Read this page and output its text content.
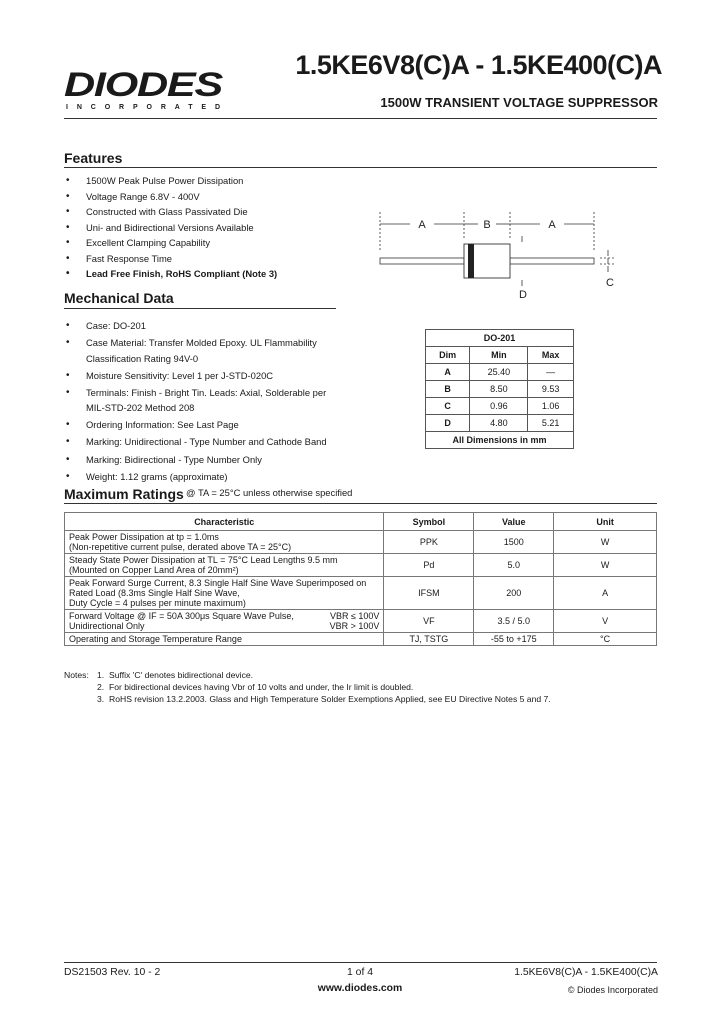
DIODES
INCORPORATED
1.5KE6V8(C)A - 1.5KE400(C)A
1500W TRANSIENT VOLTAGE SUPPRESSOR
Features
• 1500W Peak Pulse Power Dissipation
• Voltage Range 6.8V - 400V
• Constructed with Glass Passivated Die
• Uni- and Bidirectional Versions Available
• Excellent Clamping Capability
• Fast Response Time
• Lead Free Finish, RoHS Compliant (Note 3)
A	B	A
C
D
Mechanical Data
• Case: DO-201
• Case Material: Transfer Molded Epoxy. UL Flammability Classification Rating 94V-0
• Moisture Sensitivity: Level 1 per J-STD-020C
• Terminals: Finish - Bright Tin. Leads: Axial, Solderable per MIL-STD-202 Method 208
• Ordering Information: See Last Page
• Marking: Unidirectional - Type Number and Cathode Band
• Marking: Bidirectional - Type Number Only
• Weight: 1.12 grams (approximate)
DO-201		
Dim	Min	Max
A	25.40	—
B	8.50	9.53
C	0.96	1.06
D	4.80	5.21
All Dimensions in mm		
Maximum Ratings @ TA = 25°C unless otherwise specified
Characteristic	Symbol	Value	Unit

Peak Power Dissipation at tp = 1.0ms
(Non-repetitive current pulse, derated above TA = 25°C)	PPK	1500	W

Steady State Power Dissipation at TL = 75°C Lead Lengths 9.5 mm
(Mounted on Copper Land Area of 20mm²)	Pd	5.0	W

Peak Forward Surge Current, 8.3 Single Half Sine Wave Superimposed on
Rated Load (8.3ms Single Half Sine Wave,
Duty Cycle = 4 pulses per minute maximum)	IFSM	200	A

Forward Voltage @ IF = 50A 300μs Square Wave Pulse, VBR ≤ 100V
Unidirectional Only VBR > 100V	VF	3.5 / 5.0	V
Operating and Storage Temperature Range	TJ, TSTG	-55 to +175	°C
Notes: 1. Suffix 'C' denotes bidirectional device.
2. For bidirectional devices having Vbr of 10 volts and under, the Ir limit is doubled.
3. RoHS revision 13.2.2003. Glass and High Temperature Solder Exemptions Applied, see EU Directive Notes 5 and 7.
DS21503 Rev. 10 - 2	1 of 4
www.diodes.com
1.5KE6V8(C)A - 1.5KE400(C)A
© Diodes Incorporated
